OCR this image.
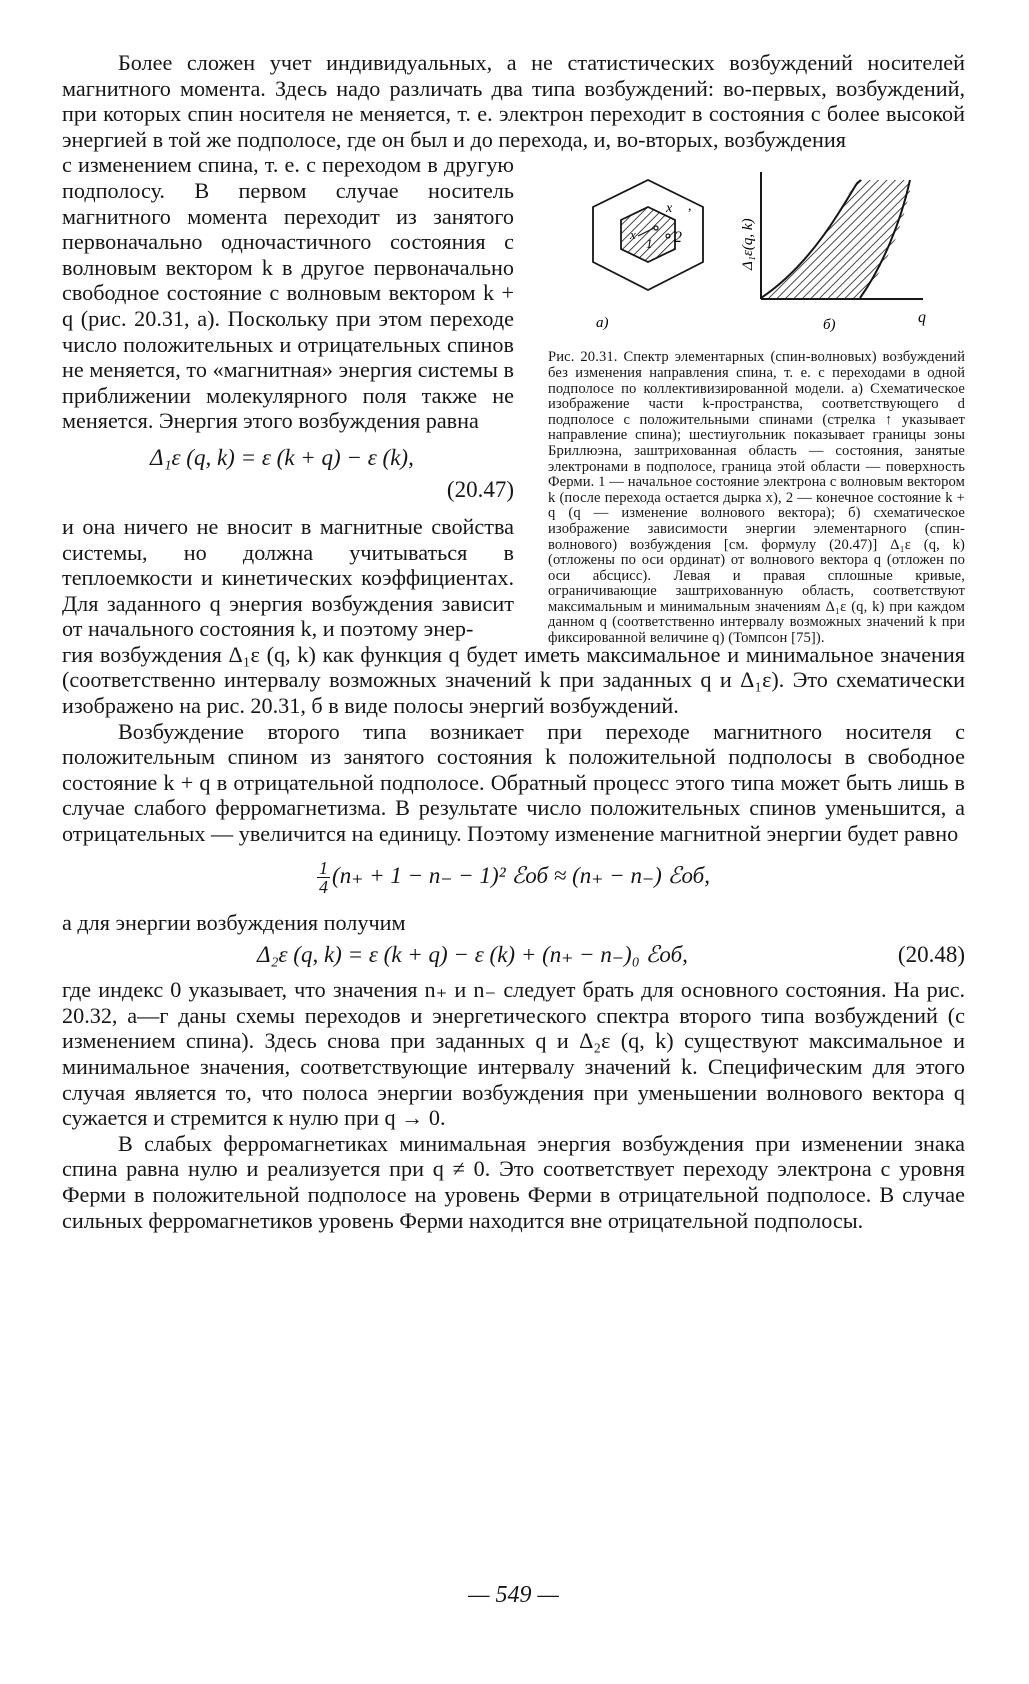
Более сложен учет индивидуальных, а не статистических возбуждений носителей магнитного момента. Здесь надо различать два типа возбуждений: во-первых, возбуждений, при которых спин носителя не меняется, т. е. электрон переходит в состояния с более высокой энергией в той же подполосе, где он был и до перехода, и, во-вторых, возбуждения

с изменением спина, т. е. с переходом в другую подполосу. В первом случае носитель магнитного момента переходит из занятого первоначально одночастичного состояния с волновым вектором k в другое первоначально свободное состояние с волновым вектором k + q (рис. 20.31, а). Поскольку при этом переходе число положительных и отрицательных спинов не меняется, то «магнитная» энергия системы в приближении молекулярного поля также не меняется. Энергия этого возбуждения равна

Δ₁ε (q, k) = ε (k + q) − ε (k),
(20.47)

и она ничего не вносит в магнитные свойства системы, но должна учитываться в теплоемкости и кинетических коэффициентах. Для заданного q энергия возбуждения зависит от начального состояния k, и поэтому энер-

x
1
x
2
,
а)
Δ₁ε(q, k)
q
б)

Рис. 20.31. Спектр элементарных (спин-волновых) возбуждений без изменения направления спина, т. е. с переходами в одной подполосе по коллективизированной модели. а) Схематическое изображение части k-пространства, соответствующего d подполосе с положительными спинами (стрелка ↑ указывает направление спина); шестиугольник показывает границы зоны Бриллюэна, заштрихованная область — состояния, занятые электронами в подполосе, граница этой области — поверхность Ферми. 1 — начальное состояние электрона с волновым вектором k (после перехода остается дырка x), 2 — конечное состояние k + q (q — изменение волнового вектора); б) схематическое изображение зависимости энергии элементарного (спин-волнового) возбуждения [см. формулу (20.47)] Δ₁ε (q, k) (отложены по оси ординат) от волнового вектора q (отложен по оси абсцисс). Левая и правая сплошные кривые, ограничивающие заштрихованную область, соответствуют максимальным и минимальным значениям Δ₁ε (q, k) при каждом данном q (соответственно интервалу возможных значений k при фиксированной величине q) (Томпсон [75]).

гия возбуждения Δ₁ε (q, k) как функция q будет иметь максимальное и минимальное значения (соответственно интервалу возможных значений k при заданных q и Δ₁ε). Это схематически изображено на рис. 20.31, б в виде полосы энергий возбуждений.

Возбуждение второго типа возникает при переходе магнитного носителя с положительным спином из занятого состояния k положительной подполосы в свободное состояние k + q в отрицательной подполосе. Обратный процесс этого типа может быть лишь в случае слабого ферромагнетизма. В результате число положительных спинов уменьшится, а отрицательных — увеличится на единицу. Поэтому изменение магнитной энергии будет равно

$\frac{1}{4} (n_+ + 1 - n_- - 1)^2$ ℰоб ≈ (n₊ − n₋) ℰоб,

а для энергии возбуждения получим

Δ₂ε (q, k) = ε (k + q) − ε (k) + (n₊ − n₋)₀ ℰоб,	(20.48)

где индекс 0 указывает, что значения n₊ и n₋ следует брать для основного состояния. На рис. 20.32, а—г даны схемы переходов и энергетического спектра второго типа возбуждений (с изменением спина). Здесь снова при заданных q и Δ₂ε (q, k) существуют максимальное и минимальное значения, соответствующие интервалу значений k. Специфическим для этого случая является то, что полоса энергии возбуждения при уменьшении волнового вектора q сужается и стремится к нулю при q → 0.

В слабых ферромагнетиках минимальная энергия возбуждения при изменении знака спина равна нулю и реализуется при q ≠ 0. Это соответствует переходу электрона с уровня Ферми в положительной подполосе на уровень Ферми в отрицательной подполосе. В случае сильных ферромагнетиков уровень Ферми находится вне отрицательной подполосы.

— 549 —
